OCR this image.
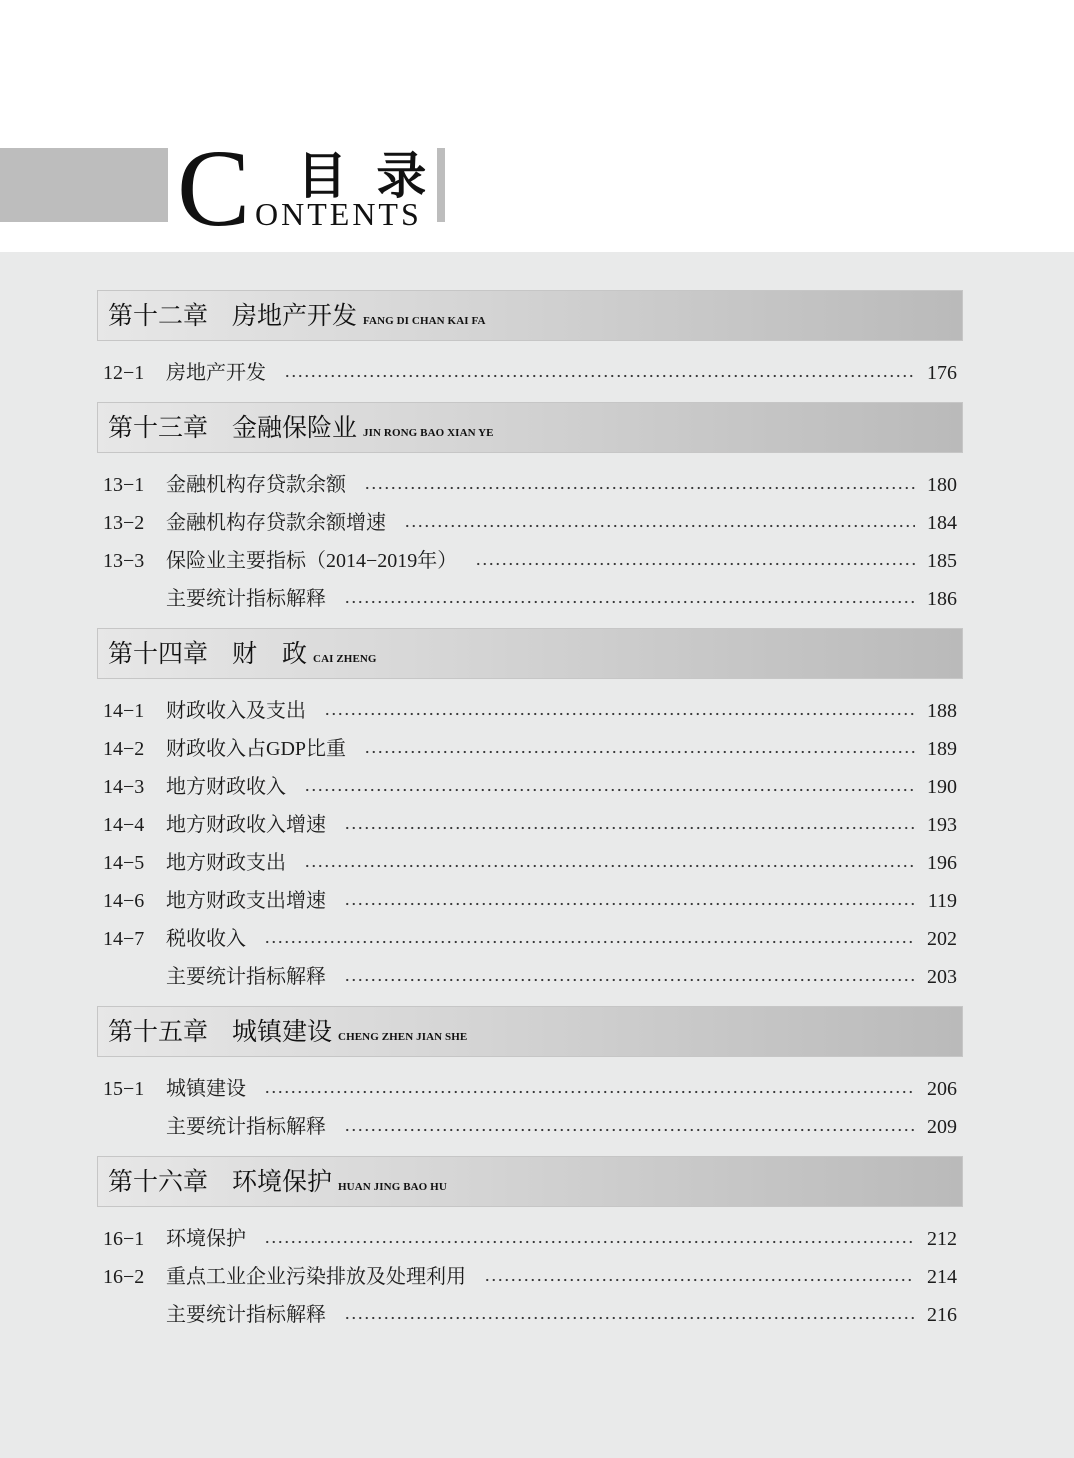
C 目 录
ONTENTS
第十二章 房地产开发 FANG DI CHAN KAI FA
12−1	房地产开发	176
第十三章 金融保险业 JIN RONG BAO XIAN YE
13−1	金融机构存贷款余额	180
13−2	金融机构存贷款余额增速	184
13−3	保险业主要指标（2014−2019年）	185
主要统计指标解释	186
第十四章 财　政 CAI ZHENG
14−1	财政收入及支出	188
14−2	财政收入占GDP比重	189
14−3	地方财政收入	190
14−4	地方财政收入增速	193
14−5	地方财政支出	196
14−6	地方财政支出增速	119
14−7	税收收入	202
主要统计指标解释	203
第十五章 城镇建设 CHENG ZHEN JIAN SHE
15−1	城镇建设	206
主要统计指标解释	209
第十六章 环境保护 HUAN JING BAO HU
16−1	环境保护	212
16−2	重点工业企业污染排放及处理利用	214
主要统计指标解释	216
